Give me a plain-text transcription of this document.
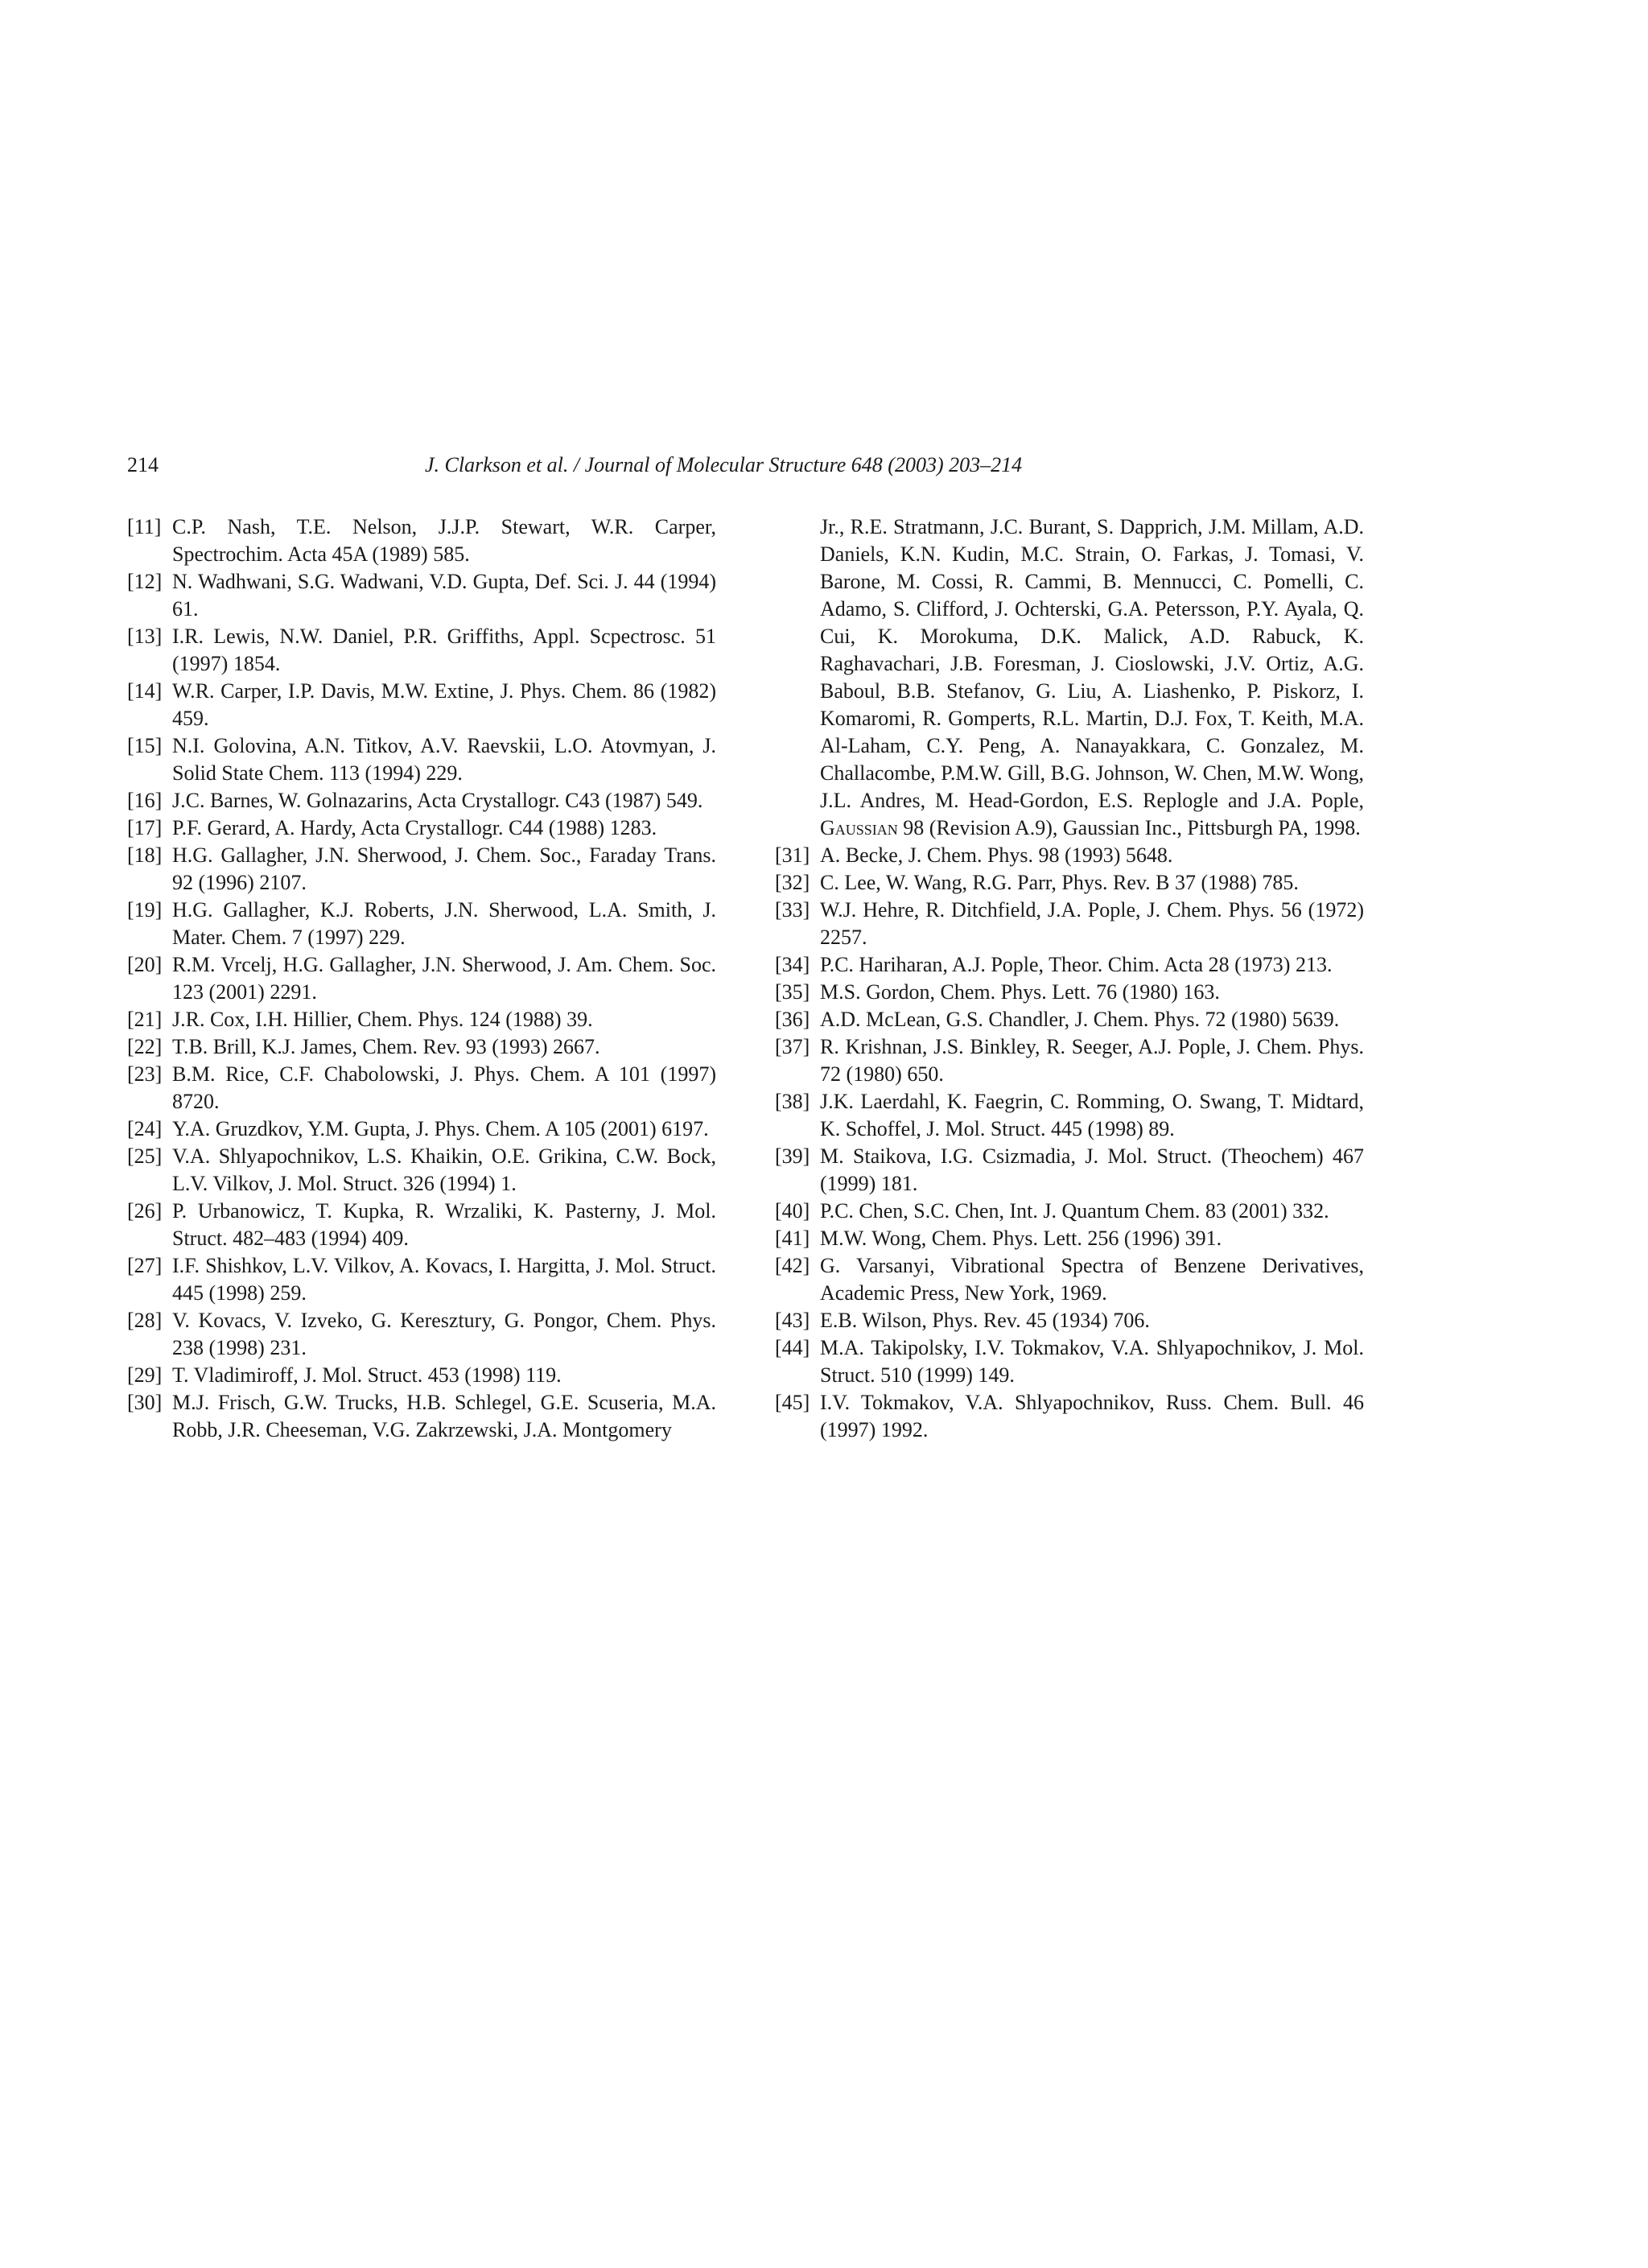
214	J. Clarkson et al. / Journal of Molecular Structure 648 (2003) 203–214
[11] C.P. Nash, T.E. Nelson, J.J.P. Stewart, W.R. Carper, Spectrochim. Acta 45A (1989) 585.
[12] N. Wadhwani, S.G. Wadwani, V.D. Gupta, Def. Sci. J. 44 (1994) 61.
[13] I.R. Lewis, N.W. Daniel, P.R. Griffiths, Appl. Scpectrosc. 51 (1997) 1854.
[14] W.R. Carper, I.P. Davis, M.W. Extine, J. Phys. Chem. 86 (1982) 459.
[15] N.I. Golovina, A.N. Titkov, A.V. Raevskii, L.O. Atovmyan, J. Solid State Chem. 113 (1994) 229.
[16] J.C. Barnes, W. Golnazarins, Acta Crystallogr. C43 (1987) 549.
[17] P.F. Gerard, A. Hardy, Acta Crystallogr. C44 (1988) 1283.
[18] H.G. Gallagher, J.N. Sherwood, J. Chem. Soc., Faraday Trans. 92 (1996) 2107.
[19] H.G. Gallagher, K.J. Roberts, J.N. Sherwood, L.A. Smith, J. Mater. Chem. 7 (1997) 229.
[20] R.M. Vrcelj, H.G. Gallagher, J.N. Sherwood, J. Am. Chem. Soc. 123 (2001) 2291.
[21] J.R. Cox, I.H. Hillier, Chem. Phys. 124 (1988) 39.
[22] T.B. Brill, K.J. James, Chem. Rev. 93 (1993) 2667.
[23] B.M. Rice, C.F. Chabolowski, J. Phys. Chem. A 101 (1997) 8720.
[24] Y.A. Gruzdkov, Y.M. Gupta, J. Phys. Chem. A 105 (2001) 6197.
[25] V.A. Shlyapochnikov, L.S. Khaikin, O.E. Grikina, C.W. Bock, L.V. Vilkov, J. Mol. Struct. 326 (1994) 1.
[26] P. Urbanowicz, T. Kupka, R. Wrzaliki, K. Pasterny, J. Mol. Struct. 482–483 (1994) 409.
[27] I.F. Shishkov, L.V. Vilkov, A. Kovacs, I. Hargitta, J. Mol. Struct. 445 (1998) 259.
[28] V. Kovacs, V. Izveko, G. Keresztury, G. Pongor, Chem. Phys. 238 (1998) 231.
[29] T. Vladimiroff, J. Mol. Struct. 453 (1998) 119.
[30] M.J. Frisch, G.W. Trucks, H.B. Schlegel, G.E. Scuseria, M.A. Robb, J.R. Cheeseman, V.G. Zakrzewski, J.A. Montgomery
Jr., R.E. Stratmann, J.C. Burant, S. Dapprich, J.M. Millam, A.D. Daniels, K.N. Kudin, M.C. Strain, O. Farkas, J. Tomasi, V. Barone, M. Cossi, R. Cammi, B. Mennucci, C. Pomelli, C. Adamo, S. Clifford, J. Ochterski, G.A. Petersson, P.Y. Ayala, Q. Cui, K. Morokuma, D.K. Malick, A.D. Rabuck, K. Raghavachari, J.B. Foresman, J. Cioslowski, J.V. Ortiz, A.G. Baboul, B.B. Stefanov, G. Liu, A. Liashenko, P. Piskorz, I. Komaromi, R. Gomperts, R.L. Martin, D.J. Fox, T. Keith, M.A. Al-Laham, C.Y. Peng, A. Nanayakkara, C. Gonzalez, M. Challacombe, P.M.W. Gill, B.G. Johnson, W. Chen, M.W. Wong, J.L. Andres, M. Head-Gordon, E.S. Replogle and J.A. Pople, Gaussian 98 (Revision A.9), Gaussian Inc., Pittsburgh PA, 1998.
[31] A. Becke, J. Chem. Phys. 98 (1993) 5648.
[32] C. Lee, W. Wang, R.G. Parr, Phys. Rev. B 37 (1988) 785.
[33] W.J. Hehre, R. Ditchfield, J.A. Pople, J. Chem. Phys. 56 (1972) 2257.
[34] P.C. Hariharan, A.J. Pople, Theor. Chim. Acta 28 (1973) 213.
[35] M.S. Gordon, Chem. Phys. Lett. 76 (1980) 163.
[36] A.D. McLean, G.S. Chandler, J. Chem. Phys. 72 (1980) 5639.
[37] R. Krishnan, J.S. Binkley, R. Seeger, A.J. Pople, J. Chem. Phys. 72 (1980) 650.
[38] J.K. Laerdahl, K. Faegrin, C. Romming, O. Swang, T. Midtard, K. Schoffel, J. Mol. Struct. 445 (1998) 89.
[39] M. Staikova, I.G. Csizmadia, J. Mol. Struct. (Theochem) 467 (1999) 181.
[40] P.C. Chen, S.C. Chen, Int. J. Quantum Chem. 83 (2001) 332.
[41] M.W. Wong, Chem. Phys. Lett. 256 (1996) 391.
[42] G. Varsanyi, Vibrational Spectra of Benzene Derivatives, Academic Press, New York, 1969.
[43] E.B. Wilson, Phys. Rev. 45 (1934) 706.
[44] M.A. Takipolsky, I.V. Tokmakov, V.A. Shlyapochnikov, J. Mol. Struct. 510 (1999) 149.
[45] I.V. Tokmakov, V.A. Shlyapochnikov, Russ. Chem. Bull. 46 (1997) 1992.
